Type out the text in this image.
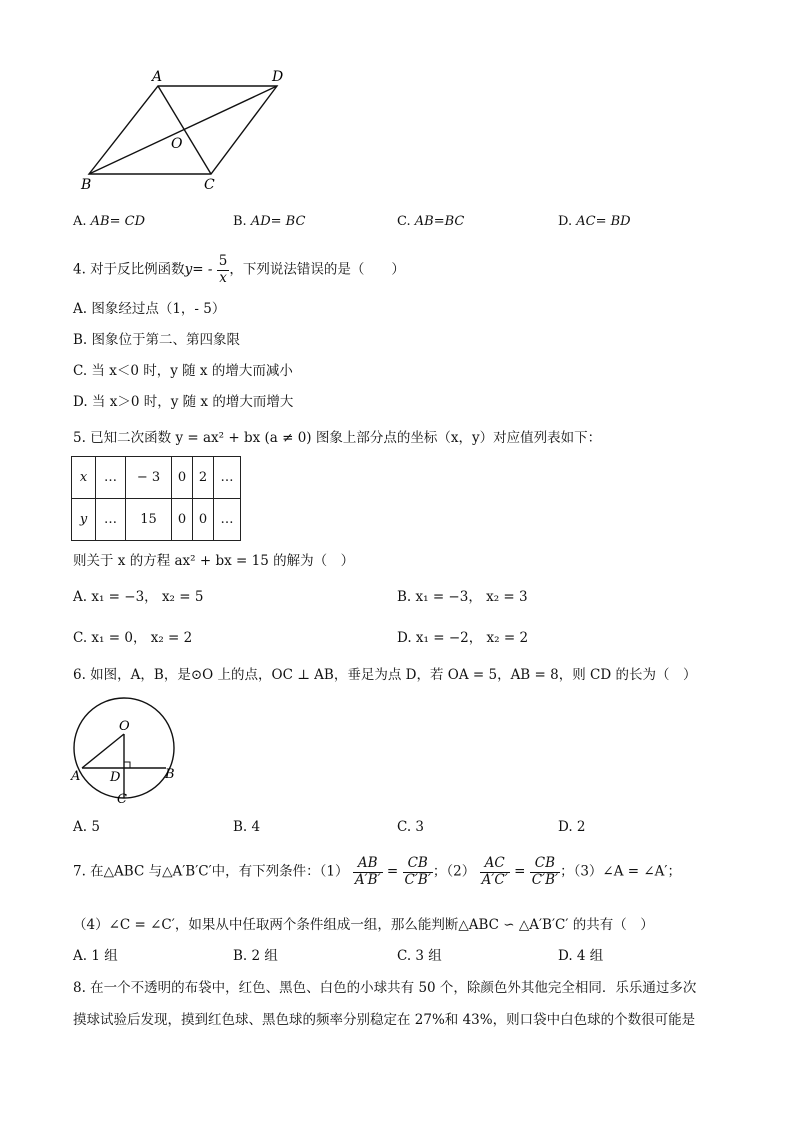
A	D
O
B	C
A. AB= CD	B. AD= BC	C. AB=BC	D. AC= BD
4. 对于反比例函数$y= - \frac{5}{x}$ ，下列说法错误的是（　　）
A. 图象经过点（1，- 5）
B. 图象位于第二、第四象限
C. 当 x＜0 时，y 随 x 的增大而减小
D. 当 x＞0 时，y 随 x 的增大而增大
5. 已知二次函数 y = ax² + bx (a ≠ 0) 图象上部分点的坐标（x，y）对应值列表如下：
x	…	− 3	0	2	…
y	…	15	0	0	…
则关于 x 的方程 ax² + bx = 15 的解为（　）
A. x₁ = −3， x₂ = 5	B. x₁ = −3， x₂ = 3
C. x₁ = 0， x₂ = 2	D. x₁ = −2， x₂ = 2
6. 如图，A，B，是⊙O 上的点，OC ⊥ AB，垂足为点 D，若 OA = 5，AB = 8，则 CD 的长为（　）
O
A	B
D
C
A. 5	B. 4	C. 3	D. 2
7. 在△ABC 与△A′B′C′中，有下列条件：$(1) \frac{AB}{A'B'} = \frac{CB}{C'B'}$ ；$(2) \frac{AC}{A'C'} = \frac{CB}{C'B'}$ ；（3）∠A = ∠A′；
（4）∠C = ∠C′，如果从中任取两个条件组成一组，那么能判断△ABC ∽ △A′B′C′ 的共有（　）
A. 1 组	B. 2 组	C. 3 组	D. 4 组
8. 在一个不透明的布袋中，红色、黑色、白色的小球共有 50 个，除颜色外其他完全相同．乐乐通过多次
摸球试验后发现，摸到红色球、黑色球的频率分别稳定在 27%和 43%，则口袋中白色球的个数很可能是
